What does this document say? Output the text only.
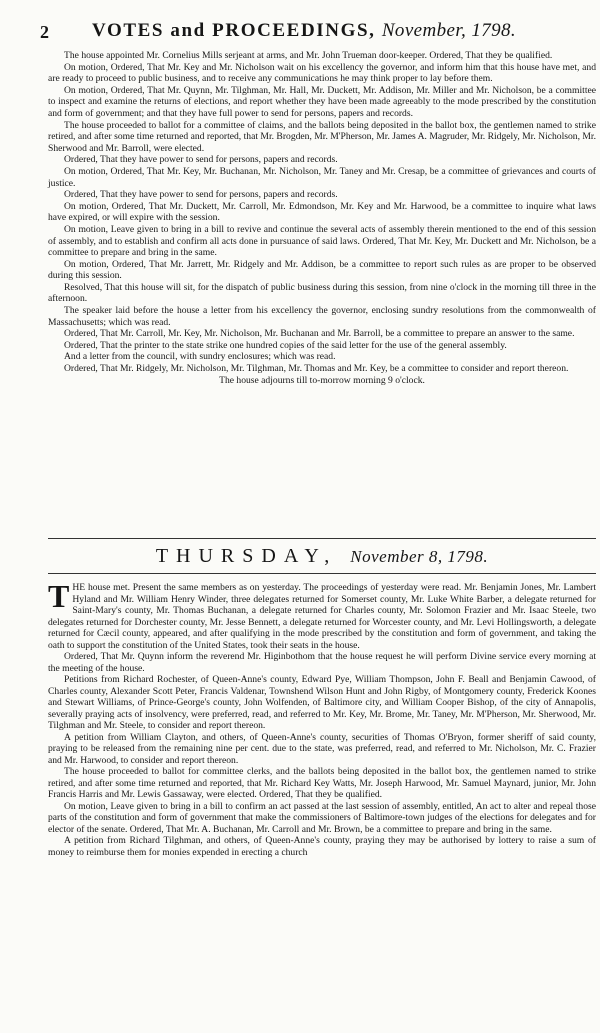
2 VOTES and PROCEEDINGS, November, 1798.

The house appointed Mr. Cornelius Mills serjeant at arms, and Mr. John Trueman door-keeper. Ordered, That they be qualified.

On motion, Ordered, That Mr. Key and Mr. Nicholson wait on his excellency the governor, and inform him that this house have met, and are ready to proceed to public business, and to receive any communications he may think proper to lay before them.

On motion, Ordered, That Mr. Quynn, Mr. Tilghman, Mr. Hall, Mr. Duckett, Mr. Addison, Mr. Miller and Mr. Nicholson, be a committee to inspect and examine the returns of elections, and report whether they have been made agreeably to the mode prescribed by the constitution and form of government; and that they have full power to send for persons, papers and records.

The house proceeded to ballot for a committee of claims, and the ballots being deposited in the ballot box, the gentlemen named to strike retired, and after some time returned and reported, that Mr. Brogden, Mr. M'Pherson, Mr. James A. Magruder, Mr. Ridgely, Mr. Nicholson, Mr. Sherwood and Mr. Barroll, were elected.

Ordered, That they have power to send for persons, papers and records.

On motion, Ordered, That Mr. Key, Mr. Buchanan, Mr. Nicholson, Mr. Taney and Mr. Cresap, be a committee of grievances and courts of justice.

Ordered, That they have power to send for persons, papers and records.

On motion, Ordered, That Mr. Duckett, Mr. Carroll, Mr. Edmondson, Mr. Key and Mr. Harwood, be a committee to inquire what laws have expired, or will expire with the session.

On motion, Leave given to bring in a bill to revive and continue the several acts of assembly therein mentioned to the end of this session of assembly, and to establish and confirm all acts done in pursuance of said laws. Ordered, That Mr. Key, Mr. Duckett and Mr. Nicholson, be a committee to prepare and bring in the same.

On motion, Ordered, That Mr. Jarrett, Mr. Ridgely and Mr. Addison, be a committee to report such rules as are proper to be observed during this session.

Resolved, That this house will sit, for the dispatch of public business during this session, from nine o'clock in the morning till three in the afternoon.

The speaker laid before the house a letter from his excellency the governor, enclosing sundry resolutions from the commonwealth of Massachusetts; which was read.

Ordered, That Mr. Carroll, Mr. Key, Mr. Nicholson, Mr. Buchanan and Mr. Barroll, be a committee to prepare an answer to the same.

Ordered, That the printer to the state strike one hundred copies of the said letter for the use of the general assembly.

And a letter from the council, with sundry enclosures; which was read.

Ordered, That Mr. Ridgely, Mr. Nicholson, Mr. Tilghman, Mr. Thomas and Mr. Key, be a committee to consider and report thereon.

The house adjourns till to-morrow morning 9 o'clock.

THURSDAY, November 8, 1798.

THE house met. Present the same members as on yesterday. The proceedings of yesterday were read. Mr. Benjamin Jones, Mr. Lambert Hyland and Mr. William Henry Winder, three delegates returned for Somerset county, Mr. Luke White Barber, a delegate returned for Saint-Mary's county, Mr. Thomas Buchanan, a delegate returned for Charles county, Mr. Solomon Frazier and Mr. Isaac Steele, two delegates returned for Dorchester county, Mr. Jesse Bennett, a delegate returned for Worcester county, and Mr. Levi Hollingsworth, a delegate returned for Cæcil county, appeared, and after qualifying in the mode prescribed by the constitution and form of government, and taking the oath to support the constitution of the United States, took their seats in the house.

Ordered, That Mr. Quynn inform the reverend Mr. Higinbothom that the house request he will perform Divine service every morning at the meeting of the house.

Petitions from Richard Rochester, of Queen-Anne's county, Edward Pye, William Thompson, John F. Beall and Benjamin Cawood, of Charles county, Alexander Scott Peter, Francis Valdenar, Townshend Wilson Hunt and John Rigby, of Montgomery county, Frederick Koones and Stewart Williams, of Prince-George's county, John Wolfenden, of Baltimore city, and William Cooper Bishop, of the city of Annapolis, severally praying acts of insolvency, were preferred, read, and referred to Mr. Key, Mr. Brome, Mr. Taney, Mr. M'Pherson, Mr. Sherwood, Mr. Tilghman and Mr. Steele, to consider and report thereon.

A petition from William Clayton, and others, of Queen-Anne's county, securities of Thomas O'Bryon, former sheriff of said county, praying to be released from the remaining nine per cent. due to the state, was preferred, read, and referred to Mr. Nicholson, Mr. C. Frazier and Mr. Harwood, to consider and report thereon.

The house proceeded to ballot for committee clerks, and the ballots being deposited in the ballot box, the gentlemen named to strike retired, and after some time returned and reported, that Mr. Richard Key Watts, Mr. Joseph Harwood, Mr. Samuel Maynard, junior, Mr. John Francis Harris and Mr. Lewis Gassaway, were elected. Ordered, That they be qualified.

On motion, Leave given to bring in a bill to confirm an act passed at the last session of assembly, entitled, An act to alter and repeal those parts of the constitution and form of government that make the commissioners of Baltimore-town judges of the elections for delegates and for elector of the senate. Ordered, That Mr. A. Buchanan, Mr. Carroll and Mr. Brown, be a committee to prepare and bring in the same.

A petition from Richard Tilghman, and others, of Queen-Anne's county, praying they may be authorised by lottery to raise a sum of money to reimburse them for monies expended in erecting a church
